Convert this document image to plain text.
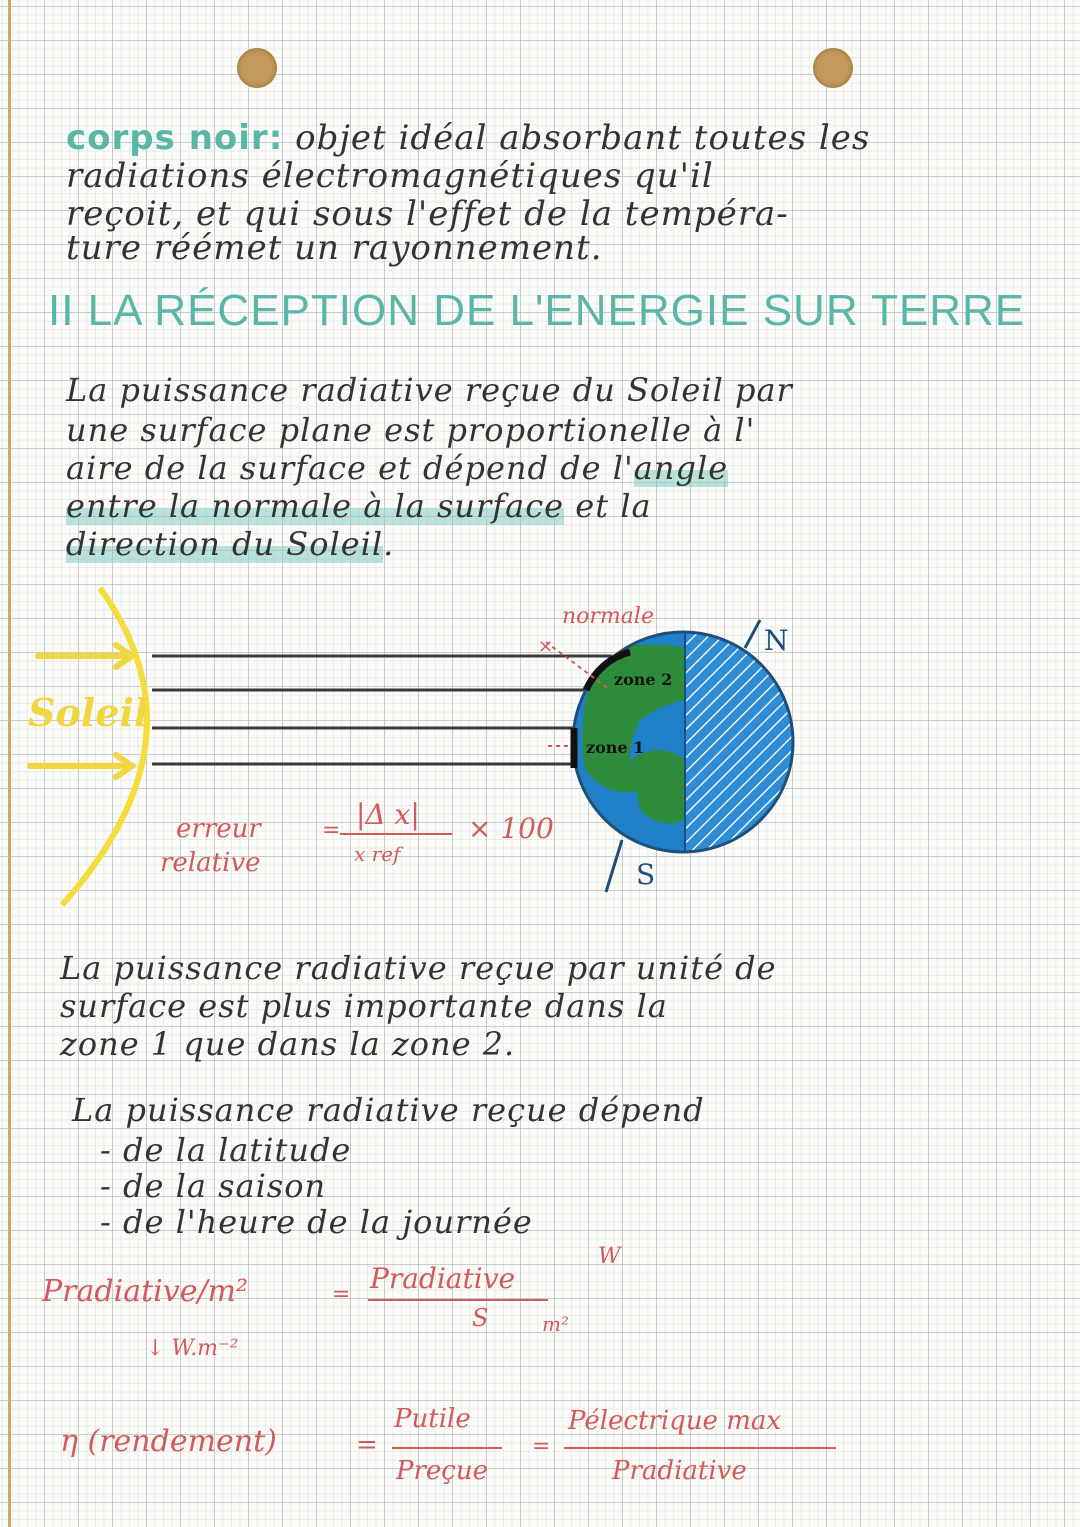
corps noir: objet idéal absorbant toutes les
radiations électromagnétiques qu'il
reçoit, et qui sous l'effet de la tempéra-
ture réémet un rayonnement.
II LA RÉCEPTION DE L'ENERGIE SUR TERRE
La puissance radiative reçue du Soleil par
une surface plane est proportionelle à l'
aire de la surface et dépend de l'angle
entre la normale à la surface et la
direction du Soleil.
×
Soleil
normale
zone 2
zone 1
N
S
erreur
relative
= |Δ x|
x ref
× 100
La puissance radiative reçue par unité de
surface est plus importante dans la
zone 1 que dans la zone 2.
La puissance radiative reçue dépend
- de la latitude
- de la saison
- de l'heure de la journée
Pradiative/m²	= Pradiative
W
S	m²
↓ W.m⁻²
η (rendement)	=
Putile
Preçue
=
Pélectrique max
Pradiative
